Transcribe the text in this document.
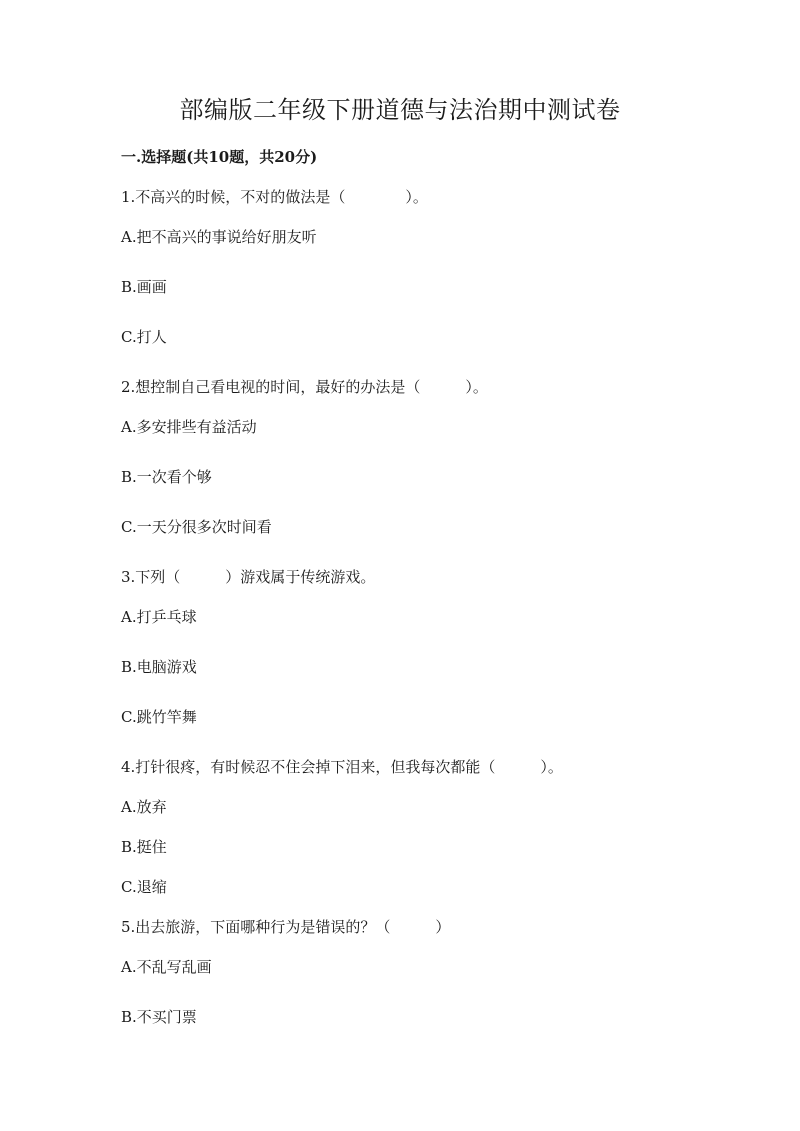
部编版二年级下册道德与法治期中测试卷
一.选择题(共10题，共20分)
1.不高兴的时候，不对的做法是（　　　　）。
A.把不高兴的事说给好朋友听
B.画画
C.打人
2.想控制自己看电视的时间，最好的办法是（　　　）。
A.多安排些有益活动
B.一次看个够
C.一天分很多次时间看
3.下列（　　　）游戏属于传统游戏。
A.打乒乓球
B.电脑游戏
C.跳竹竿舞
4.打针很疼，有时候忍不住会掉下泪来，但我每次都能（　　　）。
A.放弃
B.挺住
C.退缩
5.出去旅游，下面哪种行为是错误的？（　　　）
A.不乱写乱画
B.不买门票
